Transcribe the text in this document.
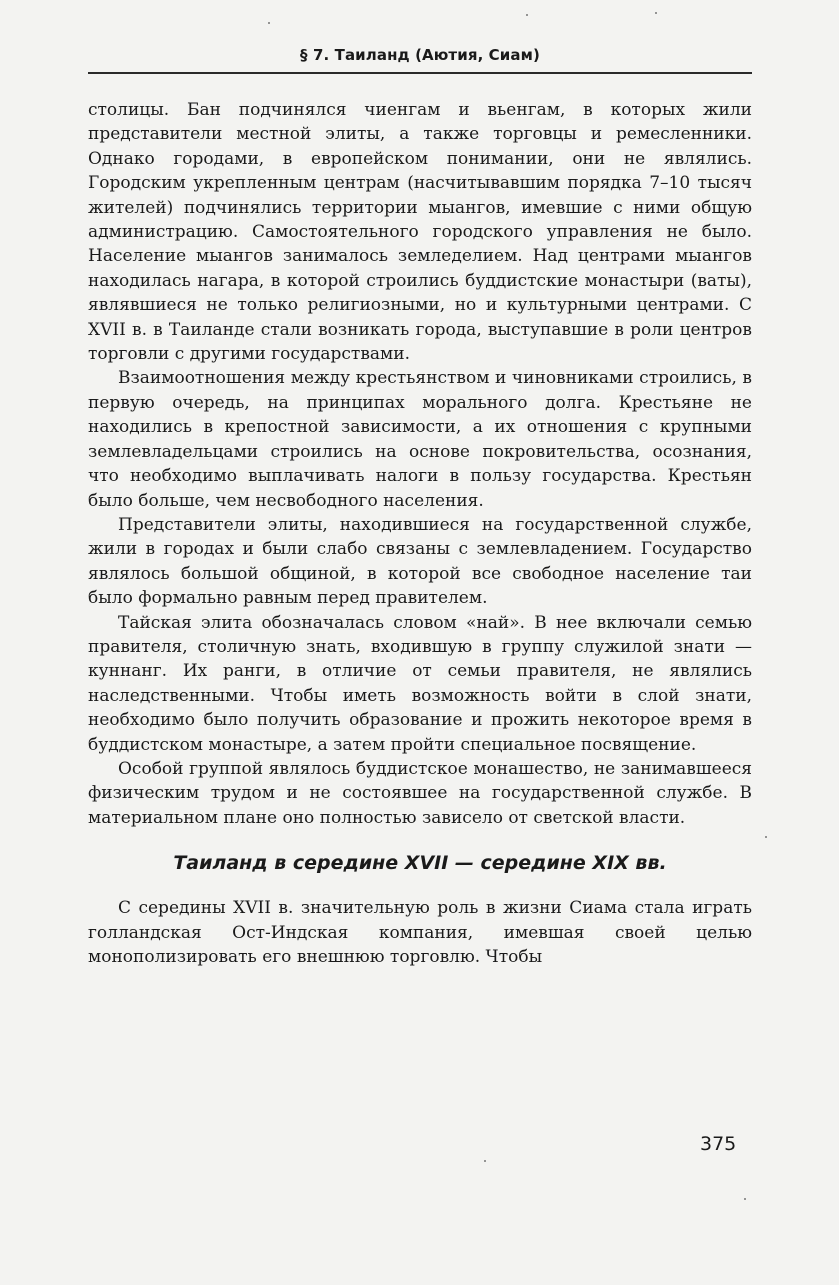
§ 7. Таиланд (Аютия, Сиам)

столицы. Бан подчинялся чиенгам и вьенгам, в которых жили представители местной элиты, а также торговцы и ремесленники. Однако городами, в европейском понимании, они не являлись. Городским укрепленным центрам (насчитывавшим порядка 7–10 тысяч жителей) подчинялись территории мыангов, имевшие с ними общую администрацию. Самостоятельного городского управления не было. Население мыангов занималось земледелием. Над центрами мыангов находилась нагара, в которой строились буддистские монастыри (ваты), являвшиеся не только религиозными, но и культурными центрами. С XVII в. в Таиланде стали возникать города, выступавшие в роли центров торговли с другими государствами.

Взаимоотношения между крестьянством и чиновниками строились, в первую очередь, на принципах морального долга. Крестьяне не находились в крепостной зависимости, а их отношения с крупными землевладельцами строились на основе покровительства, осознания, что необходимо выплачивать налоги в пользу государства. Крестьян было больше, чем несвободного населения.

Представители элиты, находившиеся на государственной службе, жили в городах и были слабо связаны с землевладением. Государство являлось большой общиной, в которой все свободное население таи было формально равным перед правителем.

Тайская элита обозначалась словом «най». В нее включали семью правителя, столичную знать, входившую в группу служилой знати — куннанг. Их ранги, в отличие от семьи правителя, не являлись наследственными. Чтобы иметь возможность войти в слой знати, необходимо было получить образование и прожить некоторое время в буддистском монастыре, а затем пройти специальное посвящение.

Особой группой являлось буддистское монашество, не занимавшееся физическим трудом и не состоявшее на государственной службе. В материальном плане оно полностью зависело от светской власти.

Таиланд в середине XVII — середине XIX вв.

С середины XVII в. значительную роль в жизни Сиама стала играть голландская Ост-Индская компания, имевшая своей целью монополизировать его внешнюю торговлю. Чтобы

375
